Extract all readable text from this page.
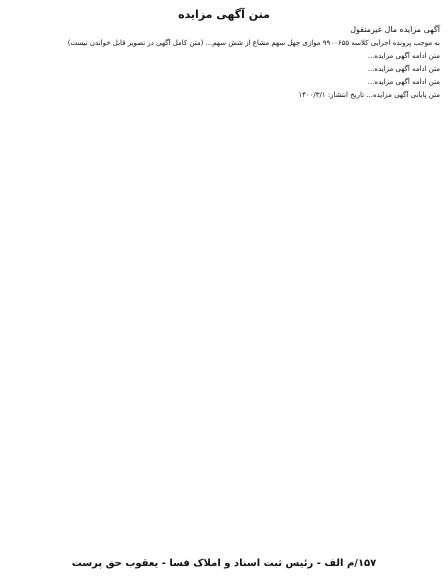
متن آگهی مزایده

آگهی مزایده مال غیرمنقول

به موجب پرونده اجرایی کلاسه ۹۹۰۰۶۵۵ موازی چهل سهم مشاع از شش سهم... (متن کامل آگهی در تصویر قابل خواندن نیست)

متن ادامه آگهی مزایده...

متن ادامه آگهی مزایده...

متن ادامه آگهی مزایده...

متن پایانی آگهی مزایده... تاریخ انتشار: ۱۴۰۰/۳/۱

۱۵۷/م الف - رئیس ثبت اسناد و املاک فسا - یعقوب حق پرست
